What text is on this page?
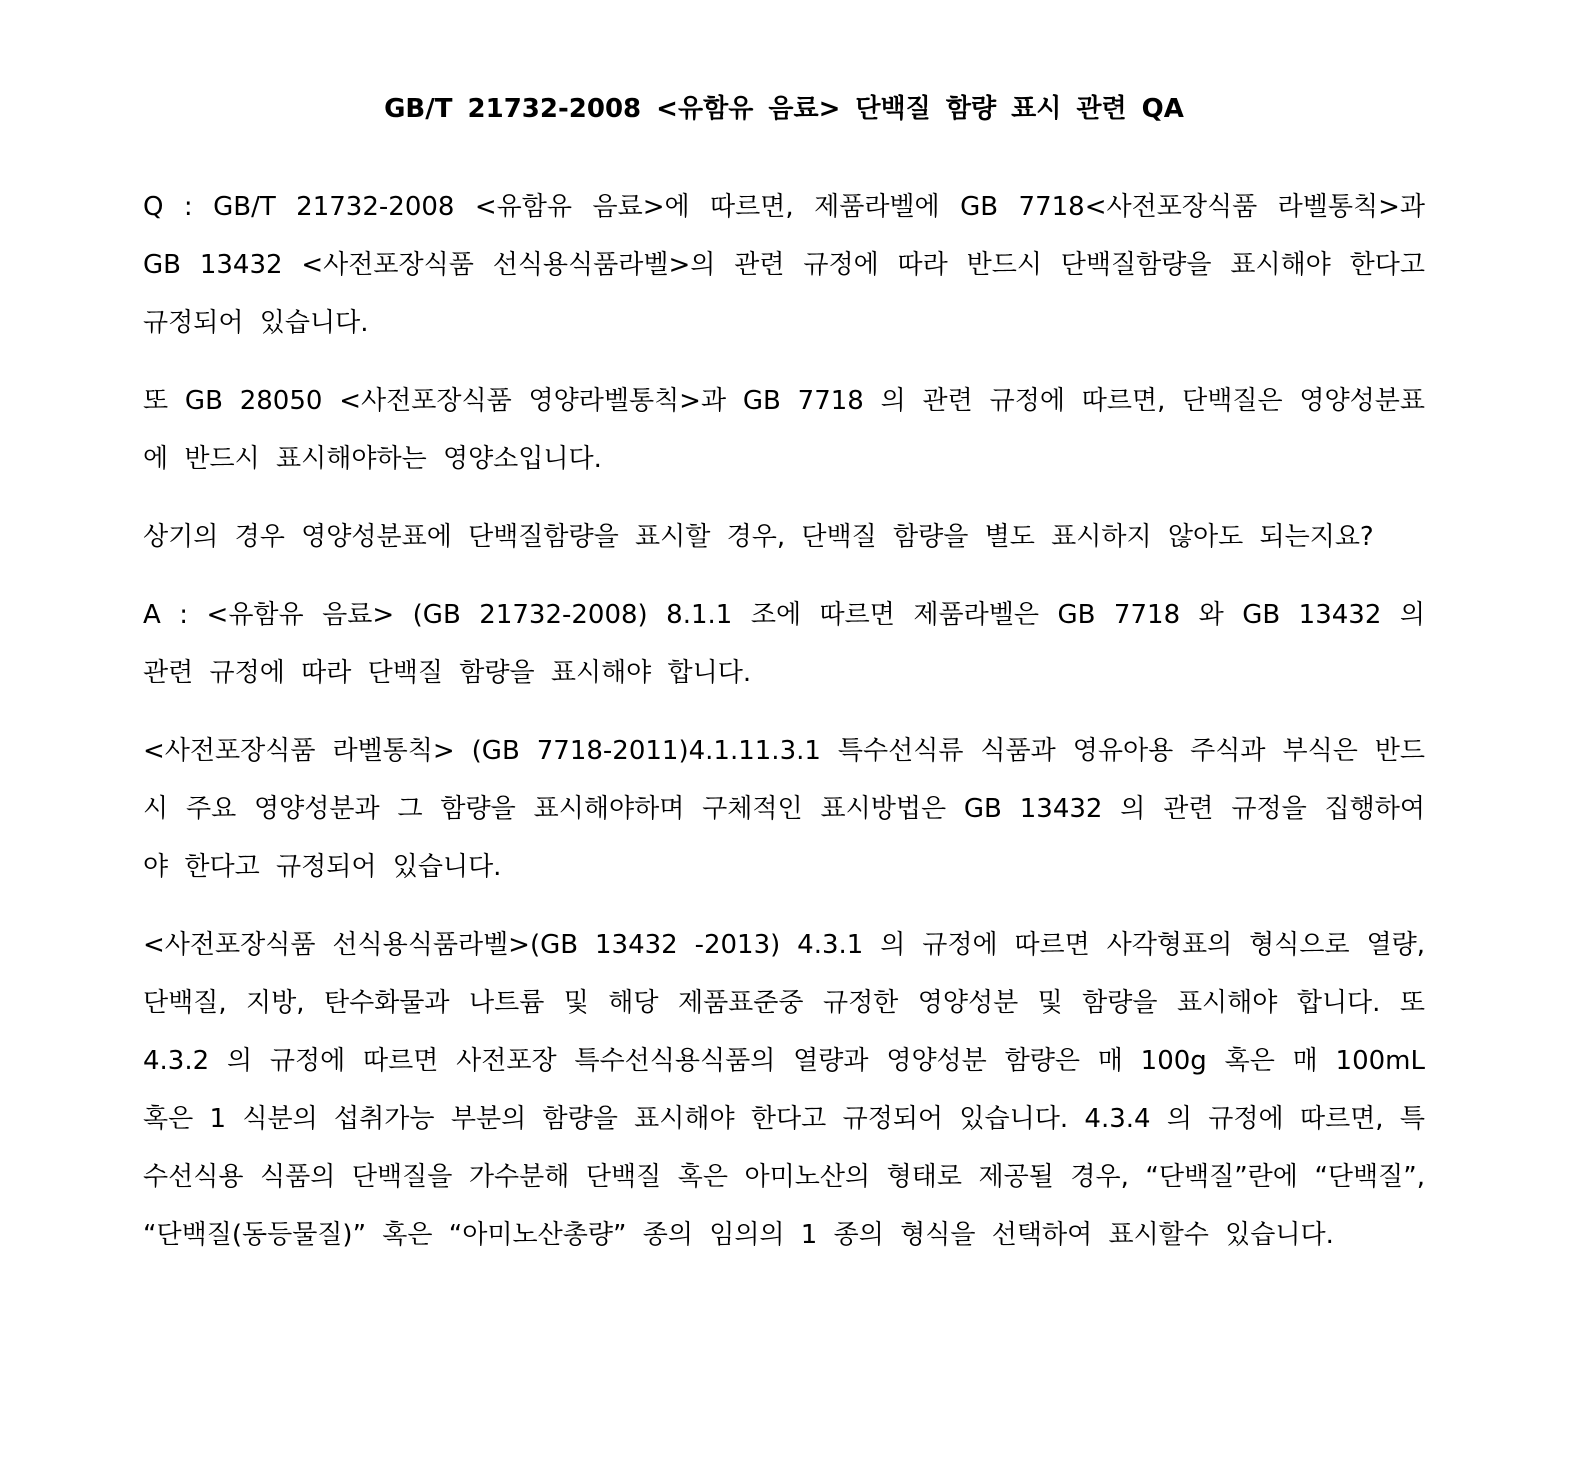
GB/T 21732-2008 <유함유 음료> 단백질 함량 표시 관련 QA

Q : GB/T 21732-2008 <유함유 음료>에 따르면, 제품라벨에 GB 7718<사전포장식품 라벨통칙>과 GB 13432 <사전포장식품 선식용식품라벨>의 관련 규정에 따라 반드시 단백질함량을 표시해야 한다고 규정되어 있습니다.

또 GB 28050 <사전포장식품 영양라벨통칙>과 GB 7718 의 관련 규정에 따르면, 단백질은 영양성분표에 반드시 표시해야하는 영양소입니다.

상기의 경우 영양성분표에 단백질함량을 표시할 경우, 단백질 함량을 별도 표시하지 않아도 되는지요?

A : <유함유 음료> (GB 21732-2008) 8.1.1 조에 따르면 제품라벨은 GB 7718 와 GB 13432 의 관련 규정에 따라 단백질 함량을 표시해야 합니다.

<사전포장식품 라벨통칙> (GB 7718-2011)4.1.11.3.1 특수선식류 식품과 영유아용 주식과 부식은 반드시 주요 영양성분과 그 함량을 표시해야하며 구체적인 표시방법은 GB 13432 의 관련 규정을 집행하여야 한다고 규정되어 있습니다.

<사전포장식품 선식용식품라벨>(GB 13432 -2013) 4.3.1 의 규정에 따르면 사각형표의 형식으로 열량, 단백질, 지방, 탄수화물과 나트륨 및 해당 제품표준중 규정한 영양성분 및 함량을 표시해야 합니다. 또 4.3.2 의 규정에 따르면 사전포장 특수선식용식품의 열량과 영양성분 함량은 매 100g 혹은 매 100mL 혹은 1 식분의 섭취가능 부분의 함량을 표시해야 한다고 규정되어 있습니다. 4.3.4 의 규정에 따르면, 특수선식용 식품의 단백질을 가수분해 단백질 혹은 아미노산의 형태로 제공될 경우, “단백질”란에 “단백질”, “단백질(동등물질)” 혹은 “아미노산총량” 종의 임의의 1 종의 형식을 선택하여 표시할수 있습니다.
